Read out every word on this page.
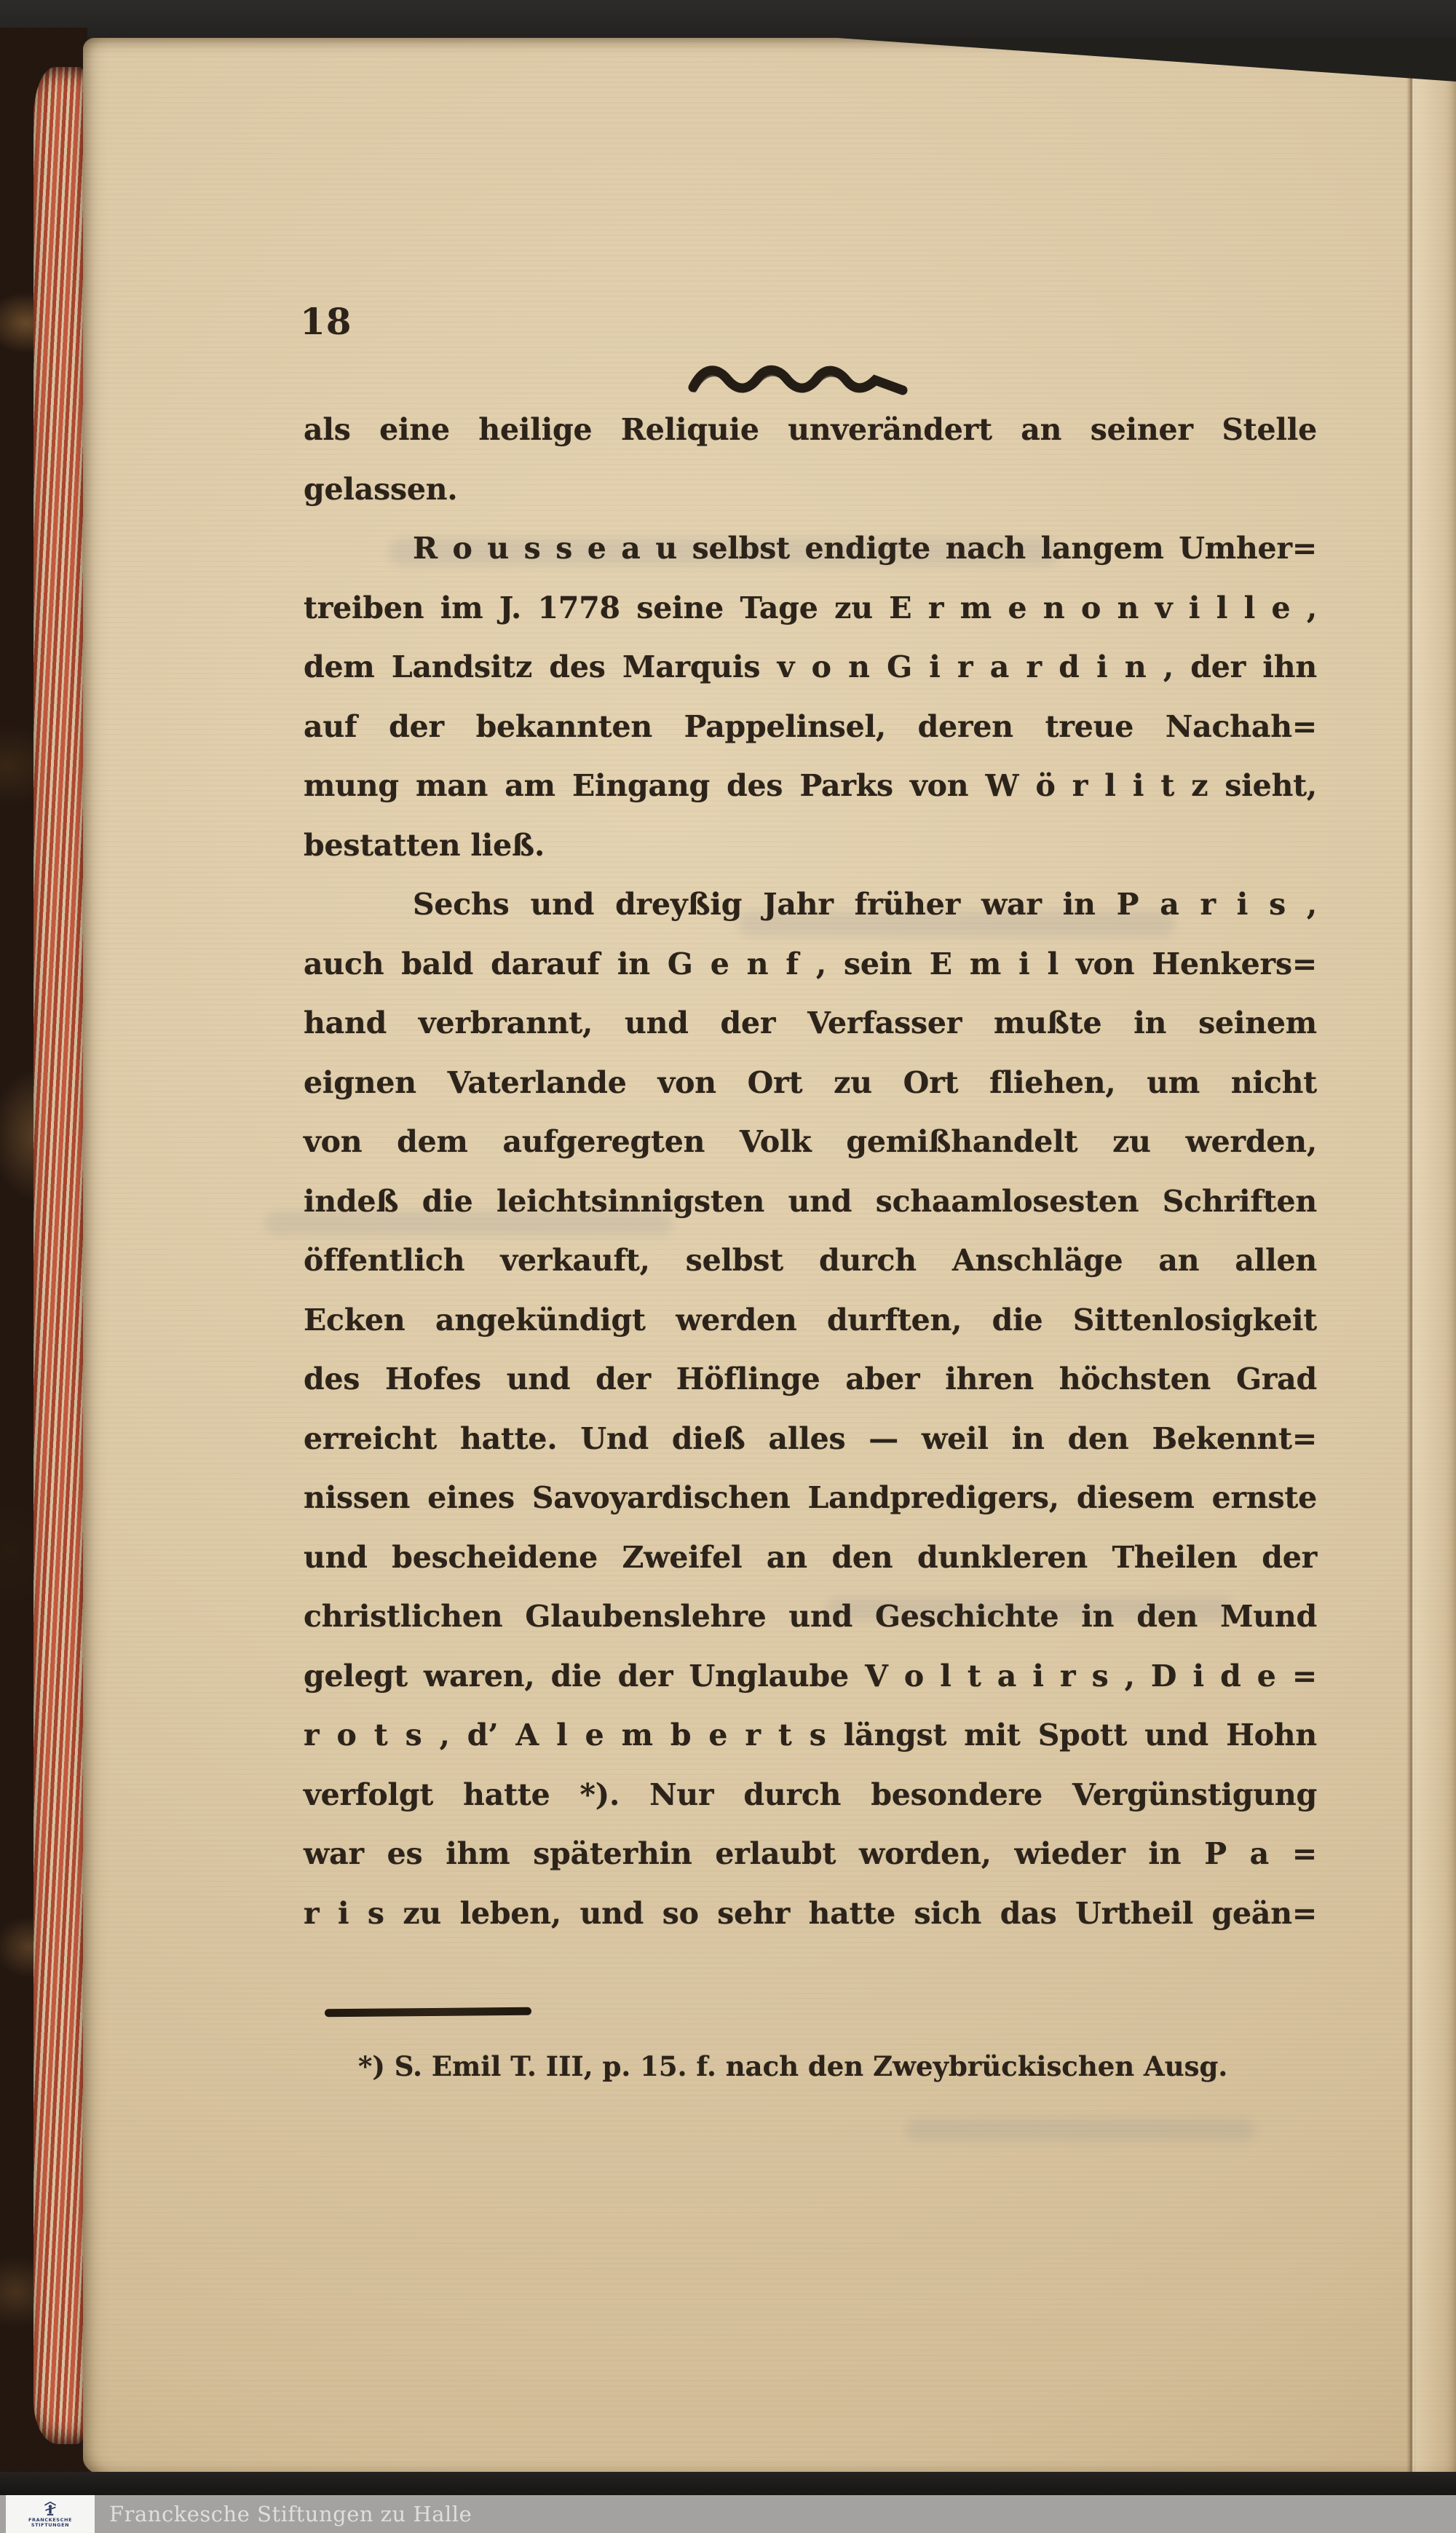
18
als eine heilige Reliquie unverändert an seiner Stelle
gelassen.
R o u s s e a u selbst endigte nach langem Umher=
treiben im J. 1778 seine Tage zu E r m e n o n v i l l e ,
dem Landsitz des Marquis v o n G i r a r d i n , der ihn
auf der bekannten Pappelinsel, deren treue Nachah=
mung man am Eingang des Parks von W ö r l i t z sieht,
bestatten ließ.
Sechs und dreyßig Jahr früher war in P a r i s ,
auch bald darauf in G e n f , sein E m i l von Henkers=
hand verbrannt, und der Verfasser mußte in seinem
eignen Vaterlande von Ort zu Ort fliehen, um nicht
von dem aufgeregten Volk gemißhandelt zu werden,
indeß die leichtsinnigsten und schaamlosesten Schriften
öffentlich verkauft, selbst durch Anschläge an allen
Ecken angekündigt werden durften, die Sittenlosigkeit
des Hofes und der Höflinge aber ihren höchsten Grad
erreicht hatte. Und dieß alles — weil in den Bekennt=
nissen eines Savoyardischen Landpredigers, diesem ernste
und bescheidene Zweifel an den dunkleren Theilen der
christlichen Glaubenslehre und Geschichte in den Mund
gelegt waren, die der Unglaube V o l t a i r s , D i d e =
r o t s , d’ A l e m b e r t s längst mit Spott und Hohn
verfolgt hatte *). Nur durch besondere Vergünstigung
war es ihm späterhin erlaubt worden, wieder in P a =
r i s zu leben, und so sehr hatte sich das Urtheil geän=
*) S. Emil T. III, p. 15. f. nach den Zweybrückischen Ausg.
FRANCKESCHE
STIFTUNGEN Franckesche Stiftungen zu Halle
